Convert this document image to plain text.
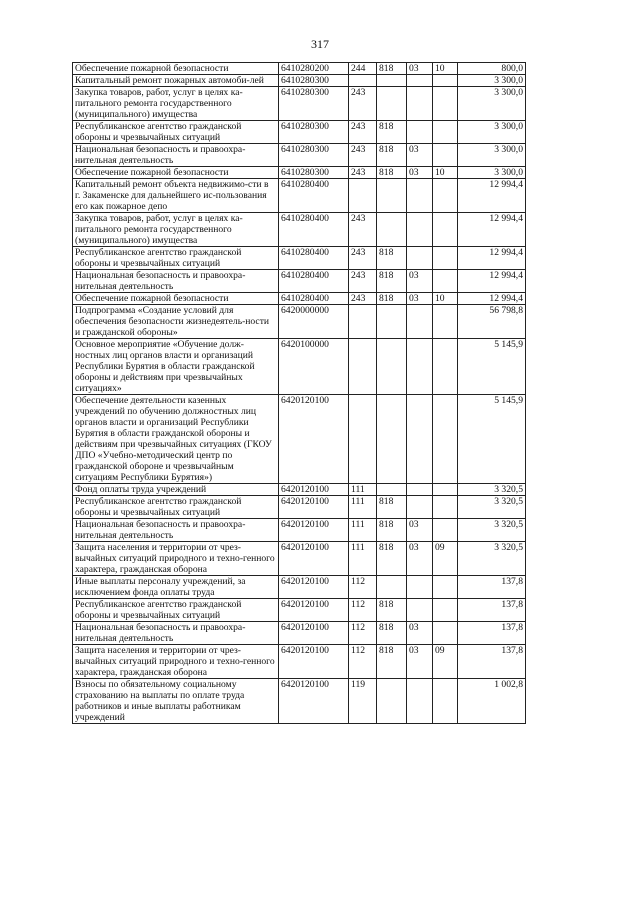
317
Обеспечение пожарной безопасности	6410280200	244	818	03	10	800,0
Капитальный ремонт пожарных автомоби-лей	6410280300					3 300,0
Закупка товаров, работ, услуг в целях ка-питального ремонта государственного (муниципального) имущества	6410280300	243				3 300,0
Республиканское агентство гражданской обороны и чрезвычайных ситуаций	6410280300	243	818			3 300,0
Национальная безопасность и правоохра-нительная деятельность	6410280300	243	818	03		3 300,0
Обеспечение пожарной безопасности	6410280300	243	818	03	10	3 300,0
Капитальный ремонт объекта недвижимо-сти в г. Закаменске для дальнейшего ис-пользования его как пожарное депо	6410280400					12 994,4
Закупка товаров, работ, услуг в целях ка-питального ремонта государственного (муниципального) имущества	6410280400	243				12 994,4
Республиканское агентство гражданской обороны и чрезвычайных ситуаций	6410280400	243	818			12 994,4
Национальная безопасность и правоохра-нительная деятельность	6410280400	243	818	03		12 994,4
Обеспечение пожарной безопасности	6410280400	243	818	03	10	12 994,4
Подпрограмма «Создание условий для обеспечения безопасности жизнедеятель-ности и гражданской обороны»	6420000000					56 798,8
Основное мероприятие «Обучение долж-ностных лиц органов власти и организаций Республики Бурятия в области гражданской обороны и действиям при чрезвычайных ситуациях»	6420100000					5 145,9
Обеспечение деятельности казенных учреждений по обучению должностных лиц органов власти и организаций Республики Бурятия в области гражданской обороны и действиям при чрезвычайных ситуациях (ГКОУ ДПО «Учебно-методический центр по гражданской обороне и чрезвычайным ситуациям Республики Бурятия»)	6420120100					5 145,9
Фонд оплаты труда учреждений	6420120100	111				3 320,5
Республиканское агентство гражданской обороны и чрезвычайных ситуаций	6420120100	111	818			3 320,5
Национальная безопасность и правоохра-нительная деятельность	6420120100	111	818	03		3 320,5
Защита населения и территории от чрез-вычайных ситуаций природного и техно-генного характера, гражданская оборона	6420120100	111	818	03	09	3 320,5
Иные выплаты персоналу учреждений, за исключением фонда оплаты труда	6420120100	112				137,8
Республиканское агентство гражданской обороны и чрезвычайных ситуаций	6420120100	112	818			137,8
Национальная безопасность и правоохра-нительная деятельность	6420120100	112	818	03		137,8
Защита населения и территории от чрез-вычайных ситуаций природного и техно-генного характера, гражданская оборона	6420120100	112	818	03	09	137,8
Взносы по обязательному социальному страхованию на выплаты по оплате труда работников и иные выплаты работникам учреждений	6420120100	119				1 002,8
